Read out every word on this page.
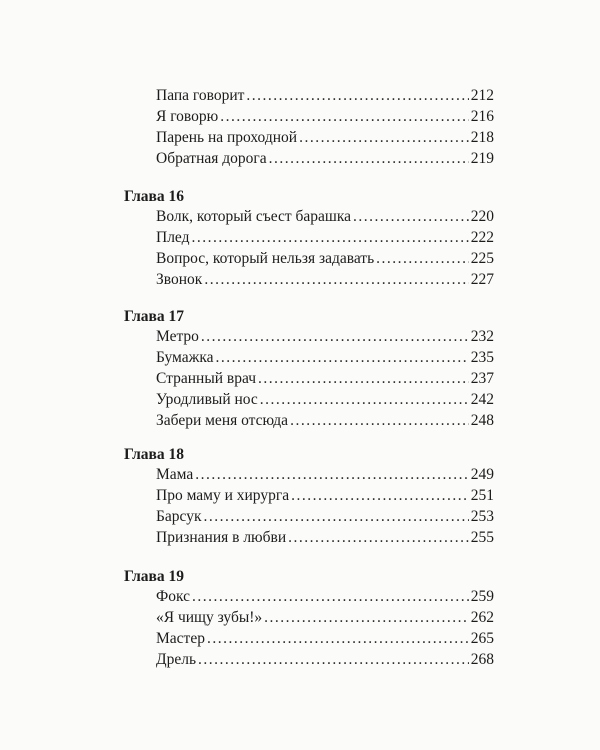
Папа говорит .....	212
Я говорю .....	216
Парень на проходной .....	218
Обратная дорога .....	219
Глава 16
Волк, который съест барашка .....	220
Плед .....	222
Вопрос, который нельзя задавать .....	225
Звонок .....	227
Глава 17
Метро .....	232
Бумажка .....	235
Странный врач .....	237
Уродливый нос .....	242
Забери меня отсюда .....	248
Глава 18
Мама .....	249
Про маму и хирурга .....	251
Барсук .....	253
Признания в любви .....	255
Глава 19
Фокс .....	259
«Я чищу зубы!» .....	262
Мастер .....	265
Дрель .....	268
